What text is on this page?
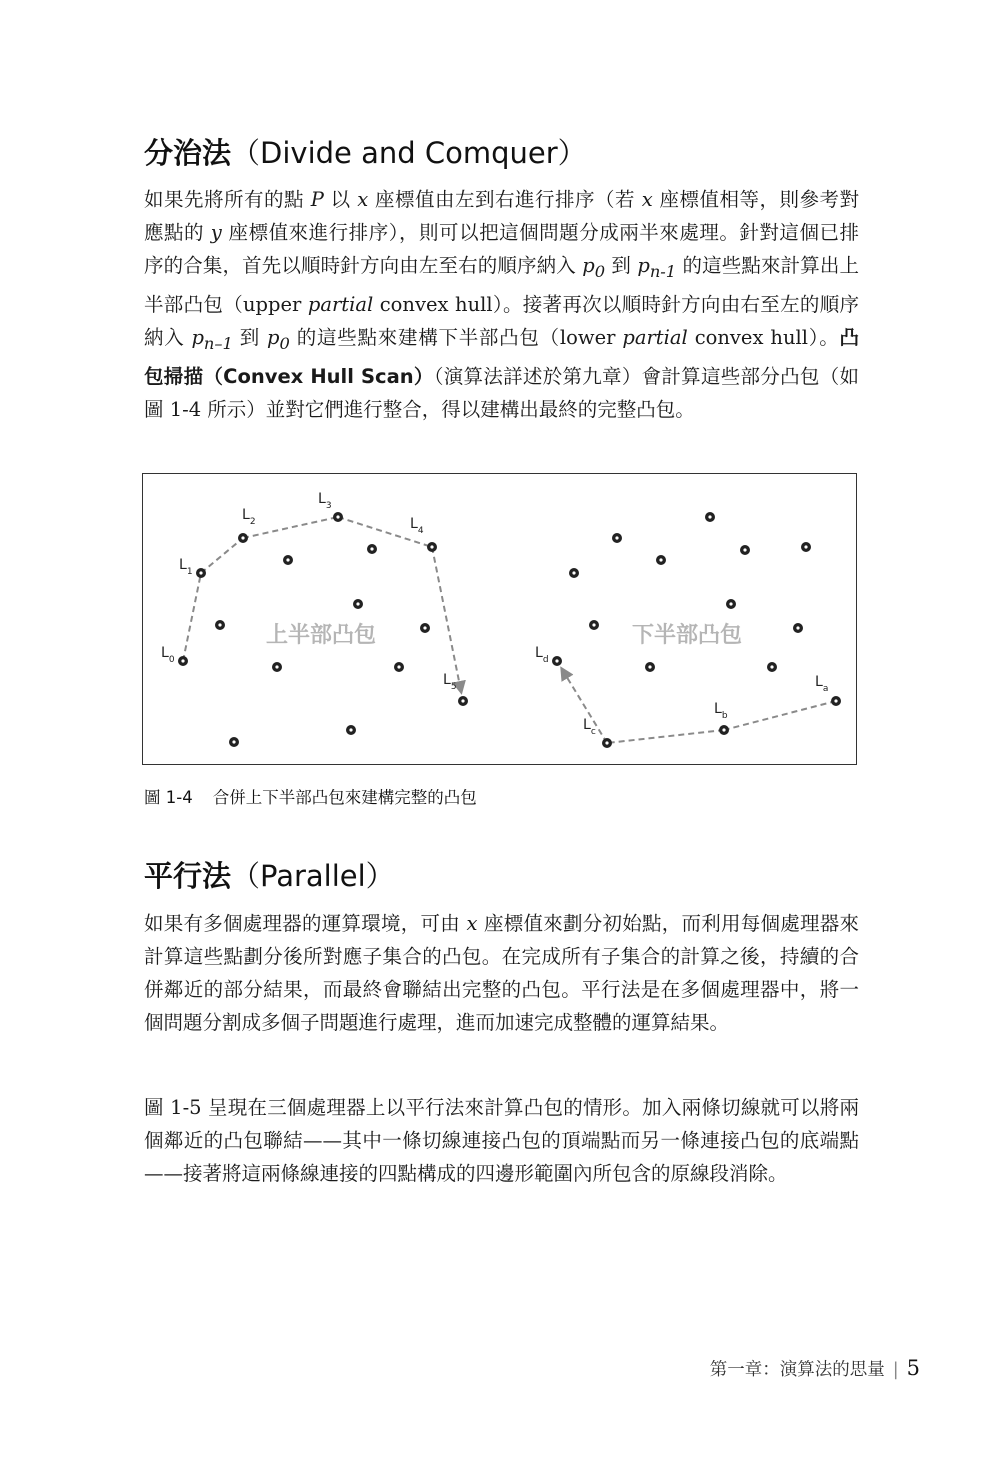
分治法（Divide and Comquer）

如果先將所有的點 P 以 x 座標值由左到右進行排序（若 x 座標值相等，則參考對應點的 y 座標值來進行排序），則可以把這個問題分成兩半來處理。針對這個已排序的合集，首先以順時針方向由左至右的順序納入 $p_0$ 到 $p_{n-1}$ 的這些點來計算出上半部凸包（upper partial convex hull）。接著再次以順時針方向由右至左的順序納入 $p_{n-1}$ 到 $p_0$ 的這些點來建構下半部凸包（lower partial convex hull）。凸包掃描（Convex Hull Scan）（演算法詳述於第九章）會計算這些部分凸包（如圖 1-4 所示）並對它們進行整合，得以建構出最終的完整凸包。

$L_0$
$L_1$
$L_2$
$L_3$
$L_4$
$L_5$	$L_a$
$L_b$
$L_c$
$L_d$
上半部凸包	下半部凸包

圖 1-4 合併上下半部凸包來建構完整的凸包

平行法（Parallel）

如果有多個處理器的運算環境，可由 x 座標值來劃分初始點，而利用每個處理器來計算這些點劃分後所對應子集合的凸包。在完成所有子集合的計算之後，持續的合併鄰近的部分結果，而最終會聯結出完整的凸包。平行法是在多個處理器中，將一個問題分割成多個子問題進行處理，進而加速完成整體的運算結果。

圖 1-5 呈現在三個處理器上以平行法來計算凸包的情形。加入兩條切線就可以將兩個鄰近的凸包聯結——其中一條切線連接凸包的頂端點而另一條連接凸包的底端點——接著將這兩條線連接的四點構成的四邊形範圍內所包含的原線段消除。

第一章：演算法的思量 | 5
